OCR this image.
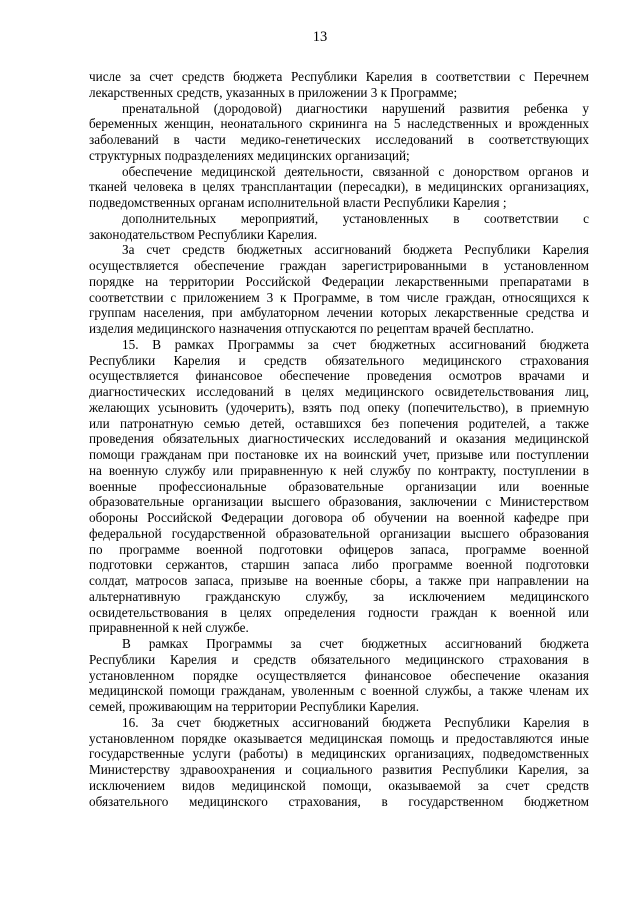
13
числе за счет средств бюджета Республики Карелия в соответствии с Перечнем
лекарственных средств, указанных в приложении 3 к Программе;
пренатальной (дородовой) диагностики нарушений развития ребенка у
беременных женщин, неонатального скрининга на 5 наследственных и врожденных
заболеваний в части медико-генетических исследований в соответствующих
структурных подразделениях медицинских организаций;
обеспечение медицинской деятельности, связанной с донорством органов и
тканей человека в целях трансплантации (пересадки), в медицинских организациях,
подведомственных органам исполнительной власти Республики Карелия ;
дополнительных мероприятий, установленных в соответствии с
законодательством Республики Карелия.
За счет средств бюджетных ассигнований бюджета Республики Карелия
осуществляется обеспечение граждан зарегистрированными в установленном
порядке на территории Российской Федерации лекарственными препаратами в
соответствии с приложением 3 к Программе, в том числе граждан, относящихся к
группам населения, при амбулаторном лечении которых лекарственные средства и
изделия медицинского назначения отпускаются по рецептам врачей бесплатно.
15. В рамках Программы за счет бюджетных ассигнований бюджета
Республики Карелия и средств обязательного медицинского страхования
осуществляется финансовое обеспечение проведения осмотров врачами и
диагностических исследований в целях медицинского освидетельствования лиц,
желающих усыновить (удочерить), взять под опеку (попечительство), в приемную
или патронатную семью детей, оставшихся без попечения родителей, а также
проведения обязательных диагностических исследований и оказания медицинской
помощи гражданам при постановке их на воинский учет, призыве или поступлении
на военную службу или приравненную к ней службу по контракту, поступлении в
военные профессиональные образовательные организации или военные
образовательные организации высшего образования, заключении с Министерством
обороны Российской Федерации договора об обучении на военной кафедре при
федеральной государственной образовательной организации высшего образования
по программе военной подготовки офицеров запаса, программе военной
подготовки сержантов, старшин запаса либо программе военной подготовки
солдат, матросов запаса, призыве на военные сборы, а также при направлении на
альтернативную гражданскую службу, за исключением медицинского
освидетельствования в целях определения годности граждан к военной или
приравненной к ней службе.
В рамках Программы за счет бюджетных ассигнований бюджета
Республики Карелия и средств обязательного медицинского страхования в
установленном порядке осуществляется финансовое обеспечение оказания
медицинской помощи гражданам, уволенным с военной службы, а также членам их
семей, проживающим на территории Республики Карелия.
16. За счет бюджетных ассигнований бюджета Республики Карелия в
установленном порядке оказывается медицинская помощь и предоставляются иные
государственные услуги (работы) в медицинских организациях, подведомственных
Министерству здравоохранения и социального развития Республики Карелия, за
исключением видов медицинской помощи, оказываемой за счет средств
обязательного медицинского страхования, в государственном бюджетном
